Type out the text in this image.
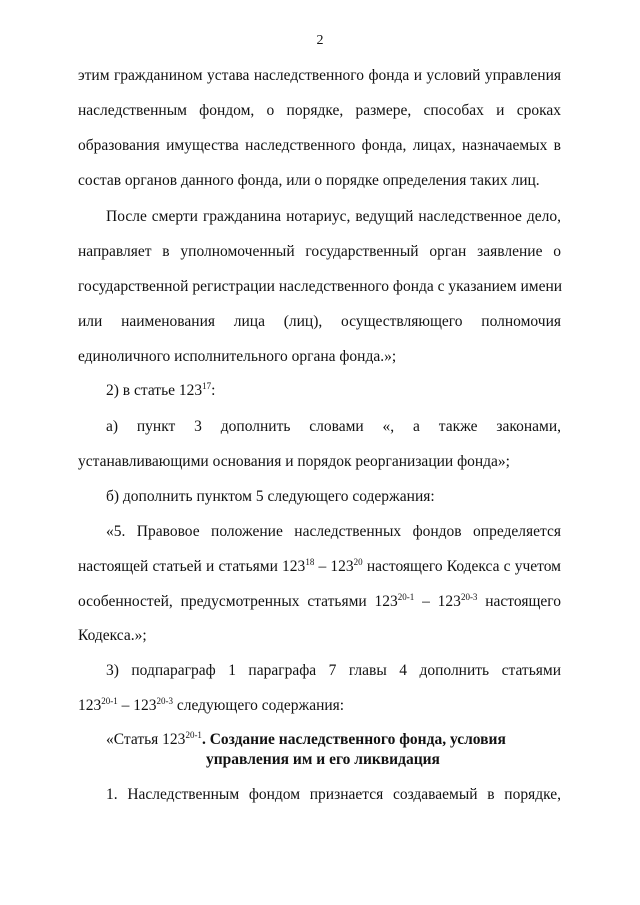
2
этим гражданином устава наследственного фонда и условий управления
наследственным фондом, о порядке, размере, способах и сроках
образования имущества наследственного фонда, лицах, назначаемых в
состав органов данного фонда, или о порядке определения таких лиц.
После смерти гражданина нотариус, ведущий наследственное дело,
направляет в уполномоченный государственный орган заявление о
государственной регистрации наследственного фонда с указанием имени
или наименования лица (лиц), осуществляющего полномочия
единоличного исполнительного органа фонда.»;
2) в статье $123^{17}$:
а) пункт 3 дополнить словами «, а также законами,
устанавливающими основания и порядок реорганизации фонда»;
б) дополнить пунктом 5 следующего содержания:
«5. Правовое положение наследственных фондов определяется
настоящей статьей и статьями $123^{18} - 123^{20}$ настоящего Кодекса с учетом
особенностей, предусмотренных статьями 123$^{20-1}$ – 123$^{20-3}$ настоящего
Кодекса.»;
3) подпараграф 1 параграфа 7 главы 4 дополнить статьями
123$^{20-1}$ – 123$^{20-3}$ следующего содержания:
«Статья 123$^{20-1}$. Создание наследственного фонда, условия
управления им и его ликвидация
1. Наследственным фондом признается создаваемый в порядке,
